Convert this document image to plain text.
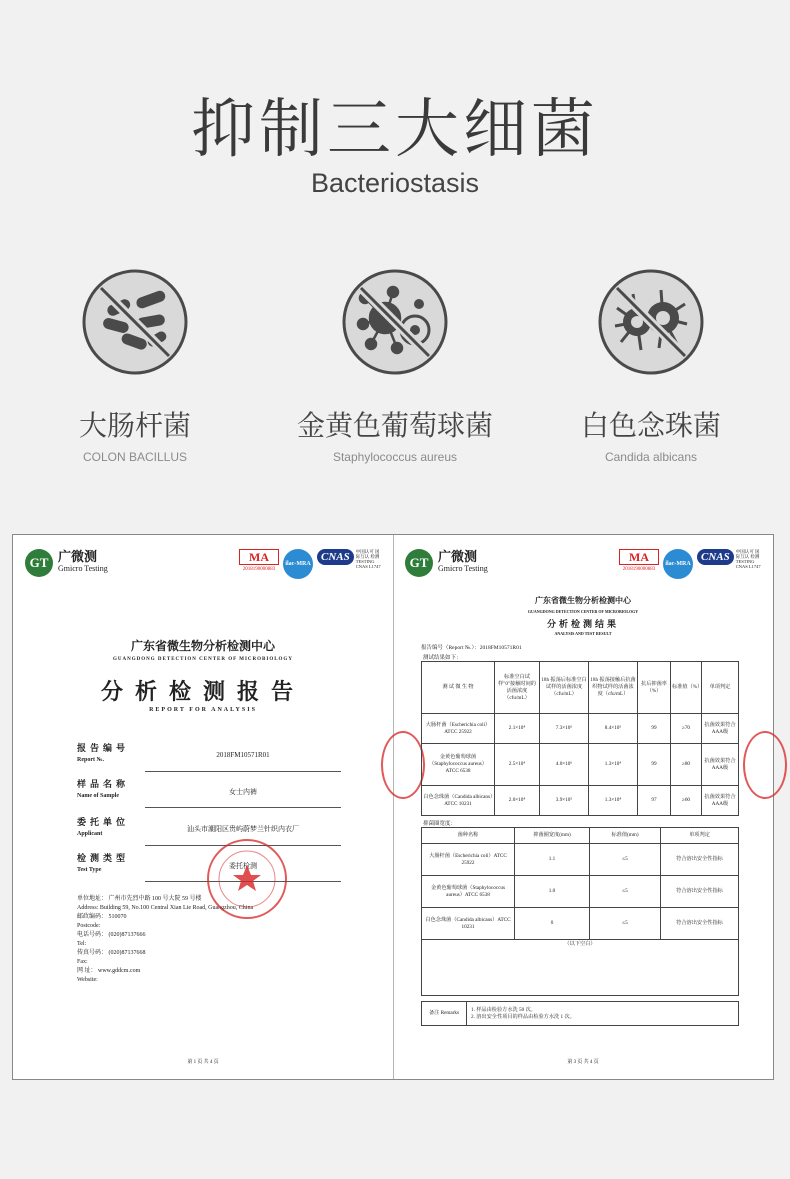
抑制三大细菌
Bacteriostasis
大肠杆菌
COLON BACILLUS
金黄色葡萄球菌
Staphylococcus aureus
白色念珠菌
Candida albicans
GT 广微测
Gmicro Testing
MA
2018190000883
ilac-MRA
CNAS	中国认可 国际互认 检测 TESTING CNAS L1747
广东省微生物分析检测中心
GUANGDONG DETECTION CENTER OF MICROBIOLOGY
分析检测报告
REPORT FOR ANALYSIS
报告编号
Report №.
2018FM10571R01
样品名称
Name of Sample	女士内裤
委托单位
Applicant
汕头市潮阳区贵屿蔚梦兰针织内衣厂
检测类型
Test Type	委托检测
单位地址： 广州市先烈中路 100 号大院 59 号楼
Address: Building 59, No.100 Central Xian Lie Road, Guangzhou, China
邮政编码： 510070
Postcode:
电话号码： (020)87137666
Tel:
传真号码： (020)87137668
Fax:
网 址： www.gddcm.com
Website:
第 1 页 共 4 页
GT 广微测
Gmicro Testing
MA
2018190000883
ilac-MRA
CNAS	中国认可 国际互认 检测 TESTING CNAS L1747
广东省微生物分析检测中心
GUANGDONG DETECTION CENTER OF MICROBIOLOGY
分析检测结果
ANALYSIS AND TEST RESULT
报告编号（Report №.）：2018FM10571R01
测试结果如下：
测 试 微 生 物	标准空白试样"0"接触时间的活菌浓度（cfu/mL）	18h 振荡后标准空白试样的活菌浓度（cfu/mL）	18h 振荡接触后抗菌织物试样的活菌浓度（cfu/mL）	抗后抑菌率（%）	标准值（%）	单项判定
大肠杆菌（Escherichia coli）ATCC 25922	2.1×10⁴	7.3×10⁶	8.4×10⁵	99	≥70	抗菌效果符合AAA级
金黄色葡萄球菌（Staphylococcus aureus）ATCC 6538	2.5×10⁴	4.0×10⁶	1.3×10⁴	99	≥80	抗菌效果符合AAA级
白色念珠菌（Candida albicans）ATCC 10231	2.0×10⁴	3.9×10⁵	1.3×10⁴	97	≥60	抗菌效果符合AAA级
抑菌圈宽度：
菌种名称	抑菌圈宽度(mm)	标准值(mm)	单项判定
大肠杆菌（Escherichia coli）ATCC 25922	1.1	≤5	符合溶出安全性指标
金黄色葡萄球菌（Staphylococcus aureus）ATCC 6538	1.0	≤5	符合溶出安全性指标
白色念珠菌（Candida albicans）ATCC 10231	0	≤5	符合溶出安全性指标
（以下空白）			
备注 Remarks	
1. 样品由检验方水洗 50 次。
2. 溶出安全性项目的样品由检验方水洗 1 次。
第 3 页 共 4 页
